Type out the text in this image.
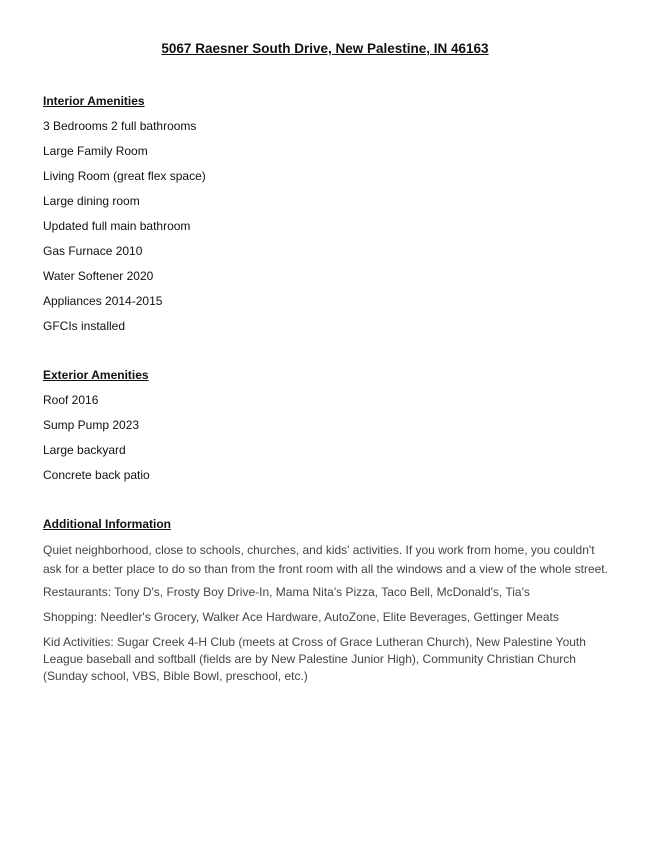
5067 Raesner South Drive, New Palestine, IN 46163
Interior Amenities
3 Bedrooms 2 full bathrooms
Large Family Room
Living Room (great flex space)
Large dining room
Updated full main bathroom
Gas Furnace 2010
Water Softener 2020
Appliances 2014-2015
GFCIs installed
Exterior Amenities
Roof 2016
Sump Pump 2023
Large backyard
Concrete back patio
Additional Information
Quiet neighborhood, close to schools, churches, and kids' activities. If you work from home, you couldn't ask for a better place to do so than from the front room with all the windows and a view of the whole street.
Restaurants: Tony D's, Frosty Boy Drive-In, Mama Nita's Pizza, Taco Bell, McDonald's, Tia's
Shopping: Needler's Grocery, Walker Ace Hardware, AutoZone, Elite Beverages, Gettinger Meats
Kid Activities: Sugar Creek 4-H Club (meets at Cross of Grace Lutheran Church), New Palestine Youth League baseball and softball (fields are by New Palestine Junior High), Community Christian Church (Sunday school, VBS, Bible Bowl, preschool, etc.)
